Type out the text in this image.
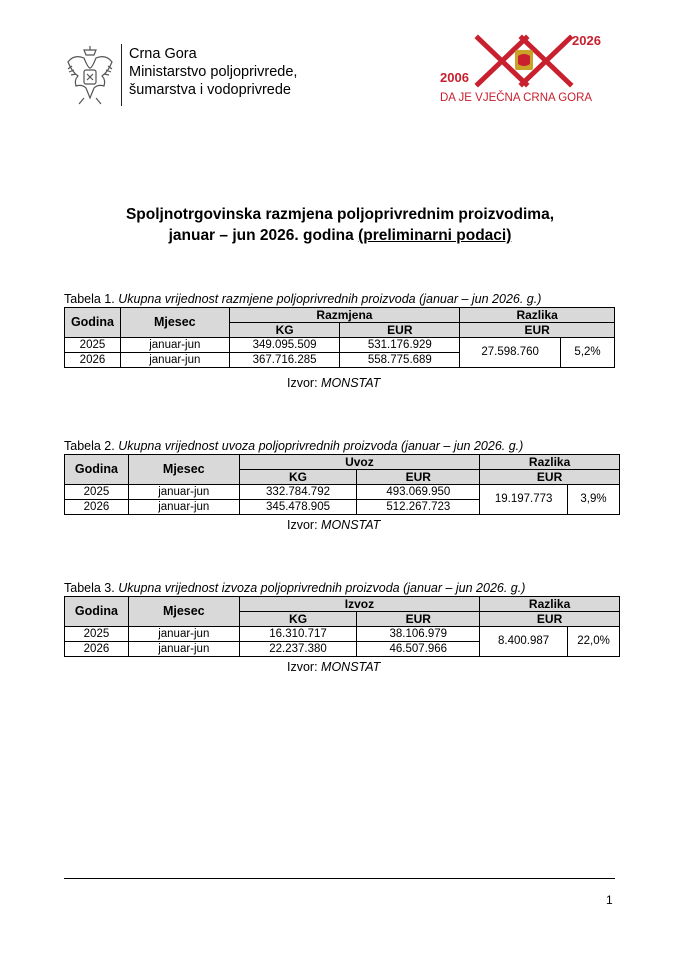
Crna Gora
Ministarstvo poljoprivrede,
šumarstva i vodoprivrede
2006
2026
DA JE VJEČNA CRNA GORA
Spoljnotrgovinska razmjena poljoprivrednim proizvodima,
januar – jun 2026. godina (preliminarni podaci)
Tabela 1. Ukupna vrijednost razmjene poljoprivrednih proizvoda (januar – jun 2026. g.)
Godina	Mjesec	Razmjena		Razlika	
		KG	EUR	EUR	
2025	januar-jun	349.095.509	531.176.929	27.598.760	5,2%
2026	januar-jun	367.716.285	558.775.689		
Izvor: MONSTAT
Tabela 2. Ukupna vrijednost uvoza poljoprivrednih proizvoda (januar – jun 2026. g.)
Godina	Mjesec	Uvoz		Razlika	
		KG	EUR	EUR	
2025	januar-jun	332.784.792	493.069.950	19.197.773	3,9%
2026	januar-jun	345.478.905	512.267.723		
Izvor: MONSTAT
Tabela 3. Ukupna vrijednost izvoza poljoprivrednih proizvoda (januar – jun 2026. g.)
Godina	Mjesec	Izvoz		Razlika	
		KG	EUR	EUR	
2025	januar-jun	16.310.717	38.106.979	8.400.987	22,0%
2026	januar-jun	22.237.380	46.507.966		
Izvor: MONSTAT
1
